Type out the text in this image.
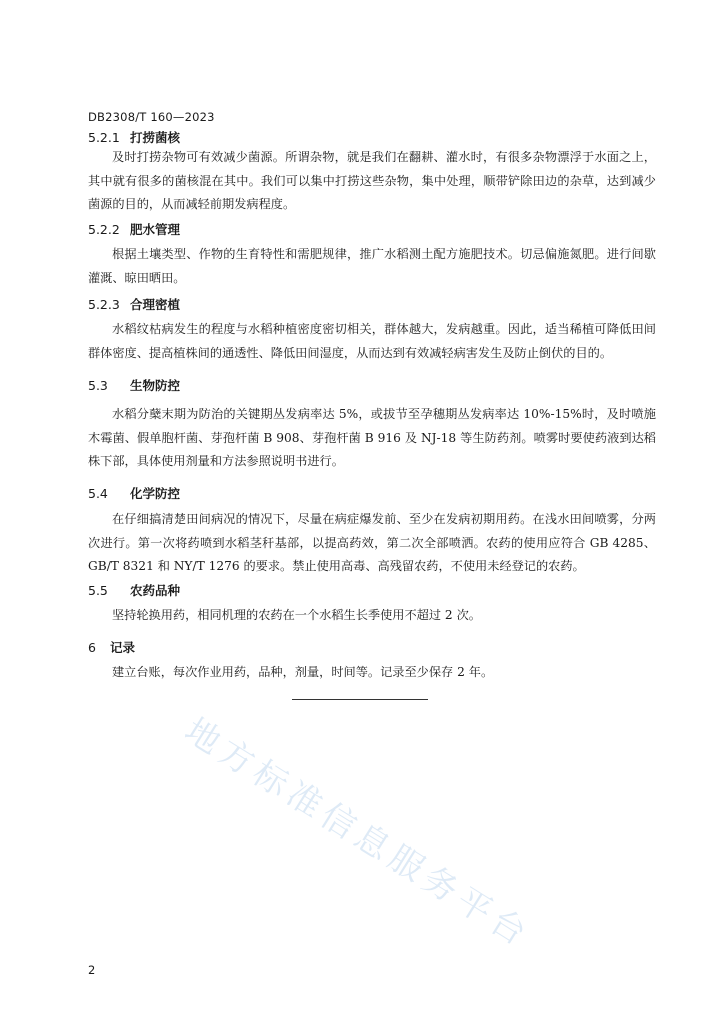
DB2308/T 160—2023
5.2.1 打捞菌核
及时打捞杂物可有效减少菌源。所谓杂物，就是我们在翻耕、灌水时，有很多杂物漂浮于水面之上，其中就有很多的菌核混在其中。我们可以集中打捞这些杂物，集中处理，顺带铲除田边的杂草，达到减少菌源的目的，从而减轻前期发病程度。
5.2.2 肥水管理
根据土壤类型、作物的生育特性和需肥规律，推广水稻测土配方施肥技术。切忌偏施氮肥。进行间歇灌溉、晾田晒田。
5.2.3 合理密植
水稻纹枯病发生的程度与水稻种植密度密切相关，群体越大，发病越重。因此，适当稀植可降低田间群体密度、提高植株间的通透性、降低田间湿度，从而达到有效减轻病害发生及防止倒伏的目的。
5.3 生物防控
水稻分蘖末期为防治的关键期丛发病率达 5%，或拔节至孕穗期丛发病率达 10%-15%时，及时喷施木霉菌、假单胞杆菌、芽孢杆菌 B 908、芽孢杆菌 B 916 及 NJ-18 等生防药剂。喷雾时要使药液到达稻株下部，具体使用剂量和方法参照说明书进行。
5.4 化学防控
在仔细搞清楚田间病况的情况下，尽量在病症爆发前、至少在发病初期用药。在浅水田间喷雾，分两次进行。第一次将药喷到水稻茎秆基部，以提高药效，第二次全部喷洒。农药的使用应符合 GB 4285、GB/T 8321 和 NY/T 1276 的要求。禁止使用高毒、高残留农药，不使用未经登记的农药。
5.5 农药品种
坚持轮换用药，相同机理的农药在一个水稻生长季使用不超过 2 次。
6 记录
建立台账，每次作业用药，品种，剂量，时间等。记录至少保存 2 年。
地方标准信息服务平台
2
